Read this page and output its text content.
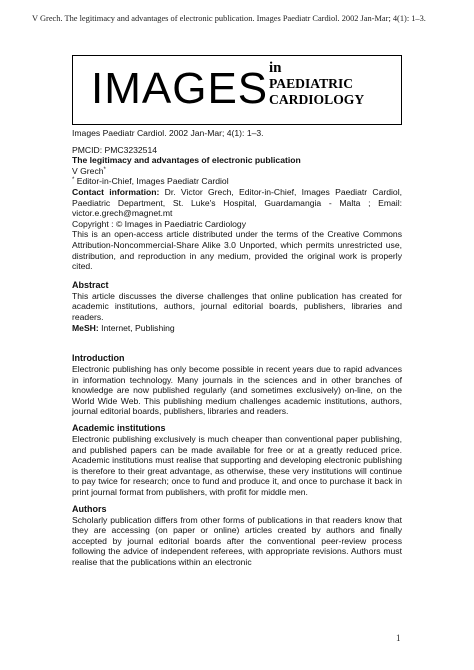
V Grech. The legitimacy and advantages of electronic publication. Images Paediatr Cardiol. 2002 Jan-Mar; 4(1): 1–3.
IMAGES in
PAEDIATRIC
CARDIOLOGY

Images Paediatr Cardiol. 2002 Jan-Mar; 4(1): 1–3.

PMCID: PMC3232514

The legitimacy and advantages of electronic publication

V Grech*

* Editor-in-Chief, Images Paediatr Cardiol

Contact information: Dr. Victor Grech, Editor-in-Chief, Images Paediatr Cardiol, Paediatric Department, St. Luke's Hospital, Guardamangia - Malta ; Email: victor.e.grech@magnet.mt

Copyright : © Images in Paediatric Cardiology

This is an open-access article distributed under the terms of the Creative Commons Attribution-Noncommercial-Share Alike 3.0 Unported, which permits unrestricted use, distribution, and reproduction in any medium, provided the original work is properly cited.

Abstract

This article discusses the diverse challenges that online publication has created for academic institutions, authors, journal editorial boards, publishers, libraries and readers.

MeSH: Internet, Publishing

Introduction

Electronic publishing has only become possible in recent years due to rapid advances in information technology. Many journals in the sciences and in other branches of knowledge are now published regularly (and sometimes exclusively) on-line, on the World Wide Web. This publishing medium challenges academic institutions, authors, journal editorial boards, publishers, libraries and readers.

Academic institutions

Electronic publishing exclusively is much cheaper than conventional paper publishing, and published papers can be made available for free or at a greatly reduced price. Academic institutions must realise that supporting and developing electronic publishing is therefore to their great advantage, as otherwise, these very institutions will continue to pay twice for research; once to fund and produce it, and once to purchase it back in print journal format from publishers, with profit for middle men.

Authors

Scholarly publication differs from other forms of publications in that readers know that they are accessing (on paper or online) articles created by authors and finally accepted by journal editorial boards after the conventional peer-review process following the advice of independent referees, with appropriate revisions. Authors must realise that the publications within an electronic

1
